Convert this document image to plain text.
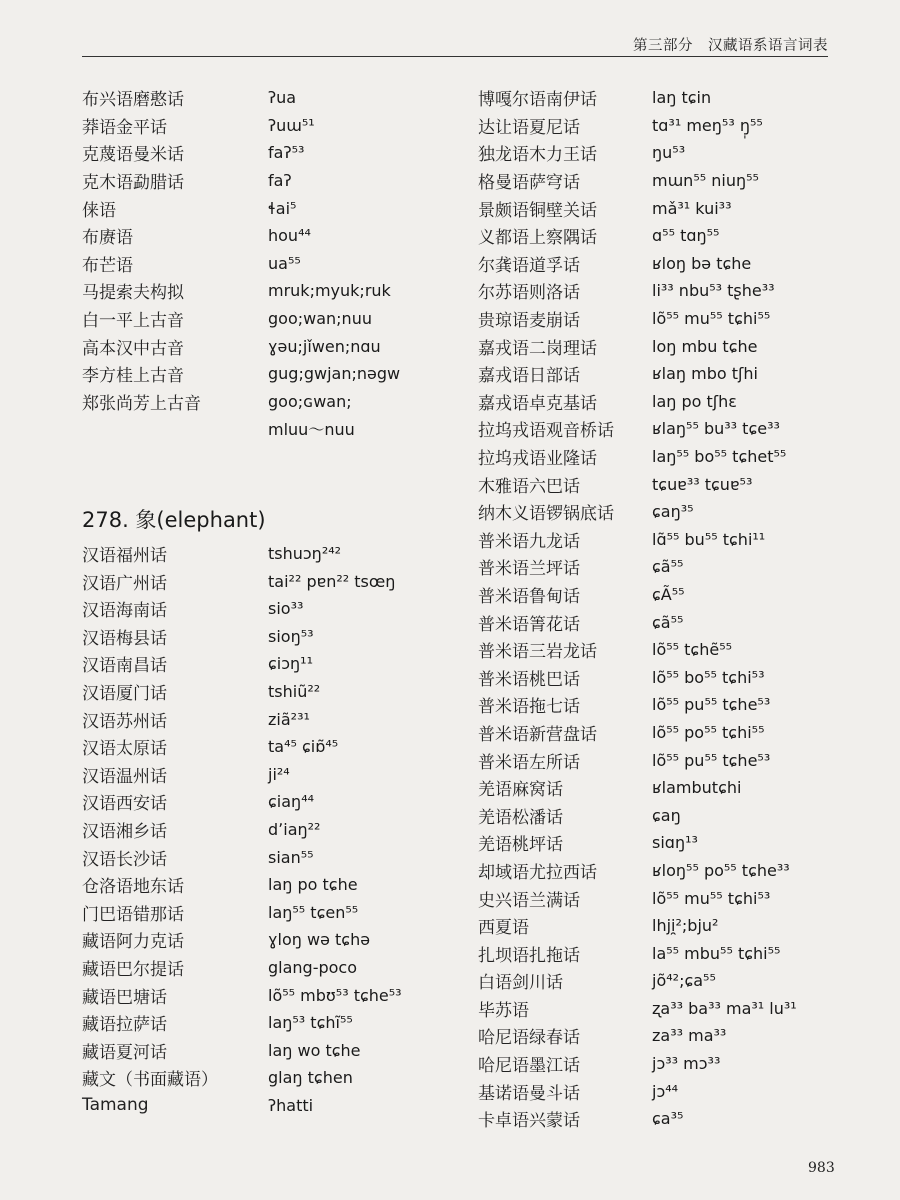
第三部分　汉藏语系语言词表
布兴语磨憨话	ʔua
莽语金平话	ʔuɯ⁵¹
克蔑语曼米话	faʔ⁵³
克木语勐腊话	faʔ
俫语	ɬai⁵
布赓语	hou⁴⁴
布芒语	ua⁵⁵
马提索夫构拟	mruk;myuk;ruk
白一平上古音	goo;wan;nuu
高本汉中古音	ɣəu;jǐwen;nɑu
李方桂上古音	gug;gwjan;nəgw
郑张尚芳上古音	goo;ɢwan;
mluu～nuu
278. 象(elephant)
汉语福州话	tshuɔŋ²⁴²
汉语广州话	tai²² pɐn²² tsœŋ
汉语海南话	sio³³
汉语梅县话	sioŋ⁵³
汉语南昌话	ɕiɔŋ¹¹
汉语厦门话	tshiũ²²
汉语苏州话	ziã²³¹
汉语太原话	ta⁴⁵ ɕiɒ̃⁴⁵
汉语温州话	ji²⁴
汉语西安话	ɕiaŋ⁴⁴
汉语湘乡话	dʼiaŋ²²
汉语长沙话	sian⁵⁵
仓洛语地东话	laŋ po tɕhe
门巴语错那话	laŋ⁵⁵ tɕen⁵⁵
藏语阿力克话	ɣloŋ wə tɕhə
藏语巴尔提话	glang-poco
藏语巴塘话	lõ⁵⁵ mbʊ⁵³ tɕhe⁵³
藏语拉萨话	laŋ⁵³ tɕhĩ⁵⁵
藏语夏河话	laŋ wo tɕhe
藏文（书面藏语）	glaŋ tɕhen
Tamang	ʔhatti
博嘎尔语南伊话	laŋ tɕin
达让语夏尼话	tɑ³¹ meŋ⁵³ ŋ̩⁵⁵
独龙语木力王话	ŋu⁵³
格曼语萨穹话	mɯn⁵⁵ niuŋ⁵⁵
景颇语铜壁关话	mǎ³¹ kui³³
义都语上察隅话	ɑ⁵⁵ tɑŋ⁵⁵
尔龚语道孚话	ʁloŋ bə tɕhe
尔苏语则洛话	li³³ nbu⁵³ tʂhe³³
贵琼语麦崩话	lõ⁵⁵ mu⁵⁵ tɕhi⁵⁵
嘉戎语二岗理话	loŋ mbu tɕhe
嘉戎语日部话	ʁlaŋ mbo tʃhi
嘉戎语卓克基话	laŋ po tʃhɛ
拉坞戎语观音桥话	ʁlaŋ⁵⁵ bu³³ tɕe³³
拉坞戎语业隆话	laŋ⁵⁵ bo⁵⁵ tɕhet⁵⁵
木雅语六巴话	tɕuɐ³³ tɕuɐ⁵³
纳木义语锣锅底话	ɕaŋ³⁵
普米语九龙话	lɑ̃⁵⁵ bu⁵⁵ tɕhi¹¹
普米语兰坪话	ɕã⁵⁵
普米语鲁甸话	ɕÃ⁵⁵
普米语箐花话	ɕã⁵⁵
普米语三岩龙话	lõ⁵⁵ tɕhẽ⁵⁵
普米语桃巴话	lõ⁵⁵ bo⁵⁵ tɕhi⁵³
普米语拖七话	lõ⁵⁵ pu⁵⁵ tɕhe⁵³
普米语新营盘话	lõ⁵⁵ po⁵⁵ tɕhi⁵⁵
普米语左所话	lõ⁵⁵ pu⁵⁵ tɕhe⁵³
羌语麻窝话	ʁlambutɕhi
羌语松潘话	ɕaŋ
羌语桃坪话	siɑŋ¹³
却域语尤拉西话	ʁloŋ⁵⁵ po⁵⁵ tɕhe³³
史兴语兰满话	lõ⁵⁵ mu⁵⁵ tɕhi⁵³
西夏语	lhji̯²;bju²
扎坝语扎拖话	la⁵⁵ mbu⁵⁵ tɕhi⁵⁵
白语剑川话	jõ⁴²;ɕa⁵⁵
毕苏语	ʐa³³ ba³³ ma³¹ lu³¹
哈尼语绿春话	za³³ ma³³
哈尼语墨江话	jɔ³³ mɔ³³
基诺语曼斗话	jɔ⁴⁴
卡卓语兴蒙话	ɕa³⁵
983
